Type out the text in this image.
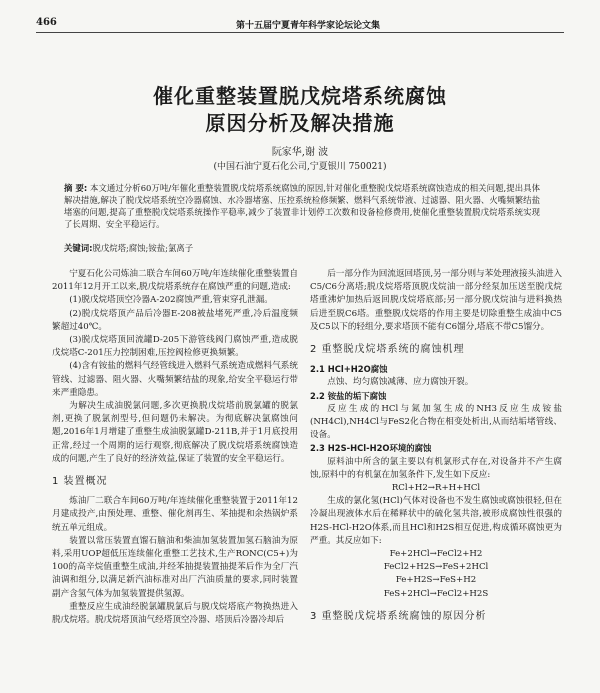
466	第十五届宁夏青年科学家论坛论文集
催化重整装置脱戊烷塔系统腐蚀
原因分析及解决措施
阮家华,谢 波
(中国石油宁夏石化公司,宁夏银川 750021)
摘 要: 本文通过分析60万吨/年催化重整装置脱戊烷塔系统腐蚀的原因,针对催化重整脱戊烷塔系统腐蚀造成的相关问题,提出具体解决措施,解决了脱戊烷塔系统空冷器腐蚀、水冷器堵塞、压控系统检修频繁、燃料气系统带液、过滤器、阻火器、火嘴频繁结盐堵塞的问题,提高了重整脱戊烷塔系统操作平稳率,减少了装置非计划停工次数和设备检修费用,使催化重整装置脱戊烷塔系统实现了长周期、安全平稳运行。
关键词:脱戊烷塔;腐蚀;铵盐;氯离子

宁夏石化公司炼油二联合车间60万吨/年连续催化重整装置自2011年12月开工以来,脱戊烷塔系统存在腐蚀严重的问题,造成:

(1)脱戊烷塔顶空冷器A-202腐蚀严重,管束穿孔泄漏。

(2)脱戊烷塔顶产品后冷器E-208被盐堵死严重,冷后温度频繁超过40℃。

(3)脱戊烷塔顶回流罐D-205下游管线阀门腐蚀严重,造成脱戊烷塔C-201压力控制困难,压控阀检修更换频繁。

(4)含有铵盐的燃料气经管线进入燃料气系统造成燃料气系统管线、过滤器、阻火器、火嘴频繁结盐的现象,给安全平稳运行带来严重隐患。

为解决生成油脱氯问题,多次更换脱戊烷塔前脱氯罐的脱氯剂,更换了脱氯剂型号,但问题仍未解决。为彻底解决氯腐蚀问题,2016年1月增建了重整生成油脱氯罐D-211B,并于1月底投用正常,经过一个周期的运行观察,彻底解决了脱戊烷塔系统腐蚀造成的问题,产生了良好的经济效益,保证了装置的安全平稳运行。

1 装置概况

炼油厂二联合车间60万吨/年连续催化重整装置于2011年12月建成投产,由预处理、重整、催化剂再生、苯抽提和余热锅炉系统五单元组成。

装置以常压装置直馏石脑油和柴油加氢装置加氢石脑油为原料,采用UOP超低压连续催化重整工艺技术,生产RONC(C5+)为100的高辛烷值重整生成油,并经苯抽提装置抽提苯后作为全厂汽油调和组分,以满足新汽油标准对出厂汽油质量的要求,同时装置副产含氢气体为加氢装置提供氢源。

重整反应生成油经脱氯罐脱氯后与脱戊烷塔底产物换热进入脱戊烷塔。脱戊烷塔顶油气经塔顶空冷器、塔顶后冷器冷却后

后一部分作为回流返回塔顶,另一部分则与苯处理液接头油进入C5/C6分离塔;脱戊烷塔塔顶脱戊烷油一部分经泵加压送至脱戊烷塔重沸炉加热后返回脱戊烷塔底部;另一部分脱戊烷油与进料换热后进至脱C6塔。重整脱戊烷塔的作用主要是切除重整生成油中C5及C5以下的轻组分,要求塔顶不能有C6馏分,塔底不带C5馏分。

2 重整脱戊烷塔系统的腐蚀机理

2.1 HCl+H2O腐蚀

点蚀、均匀腐蚀减薄、应力腐蚀开裂。

2.2 铵盐的垢下腐蚀

反应生成的HCl与氮加氢生成的NH3反应生成铵盐(NH4Cl),NH4Cl与FeS2化合物在相变处析出,从而结垢堵管线、设备。

2.3 H2S-HCl-H2O环境的腐蚀

原料油中所含的氯主要以有机氯形式存在,对设备并不产生腐蚀,原料中的有机氯在加氢条件下,发生如下反应:

RCl+H2→R+H+HCl

生成的氯化氢(HCl)气体对设备也不发生腐蚀或腐蚀很轻,但在冷凝出现液体水后在稀释状中的硫化氢共溶,被形成腐蚀性很强的H2S-HCl-H2O体系,而且HCl和H2S相互促进,构成循环腐蚀更为严重。其反应如下:

Fe+2HCl→FeCl2+H2

FeCl2+H2S→FeS+2HCl

Fe+H2S→FeS+H2

FeS+2HCl→FeCl2+H2S

3 重整脱戊烷塔系统腐蚀的原因分析
